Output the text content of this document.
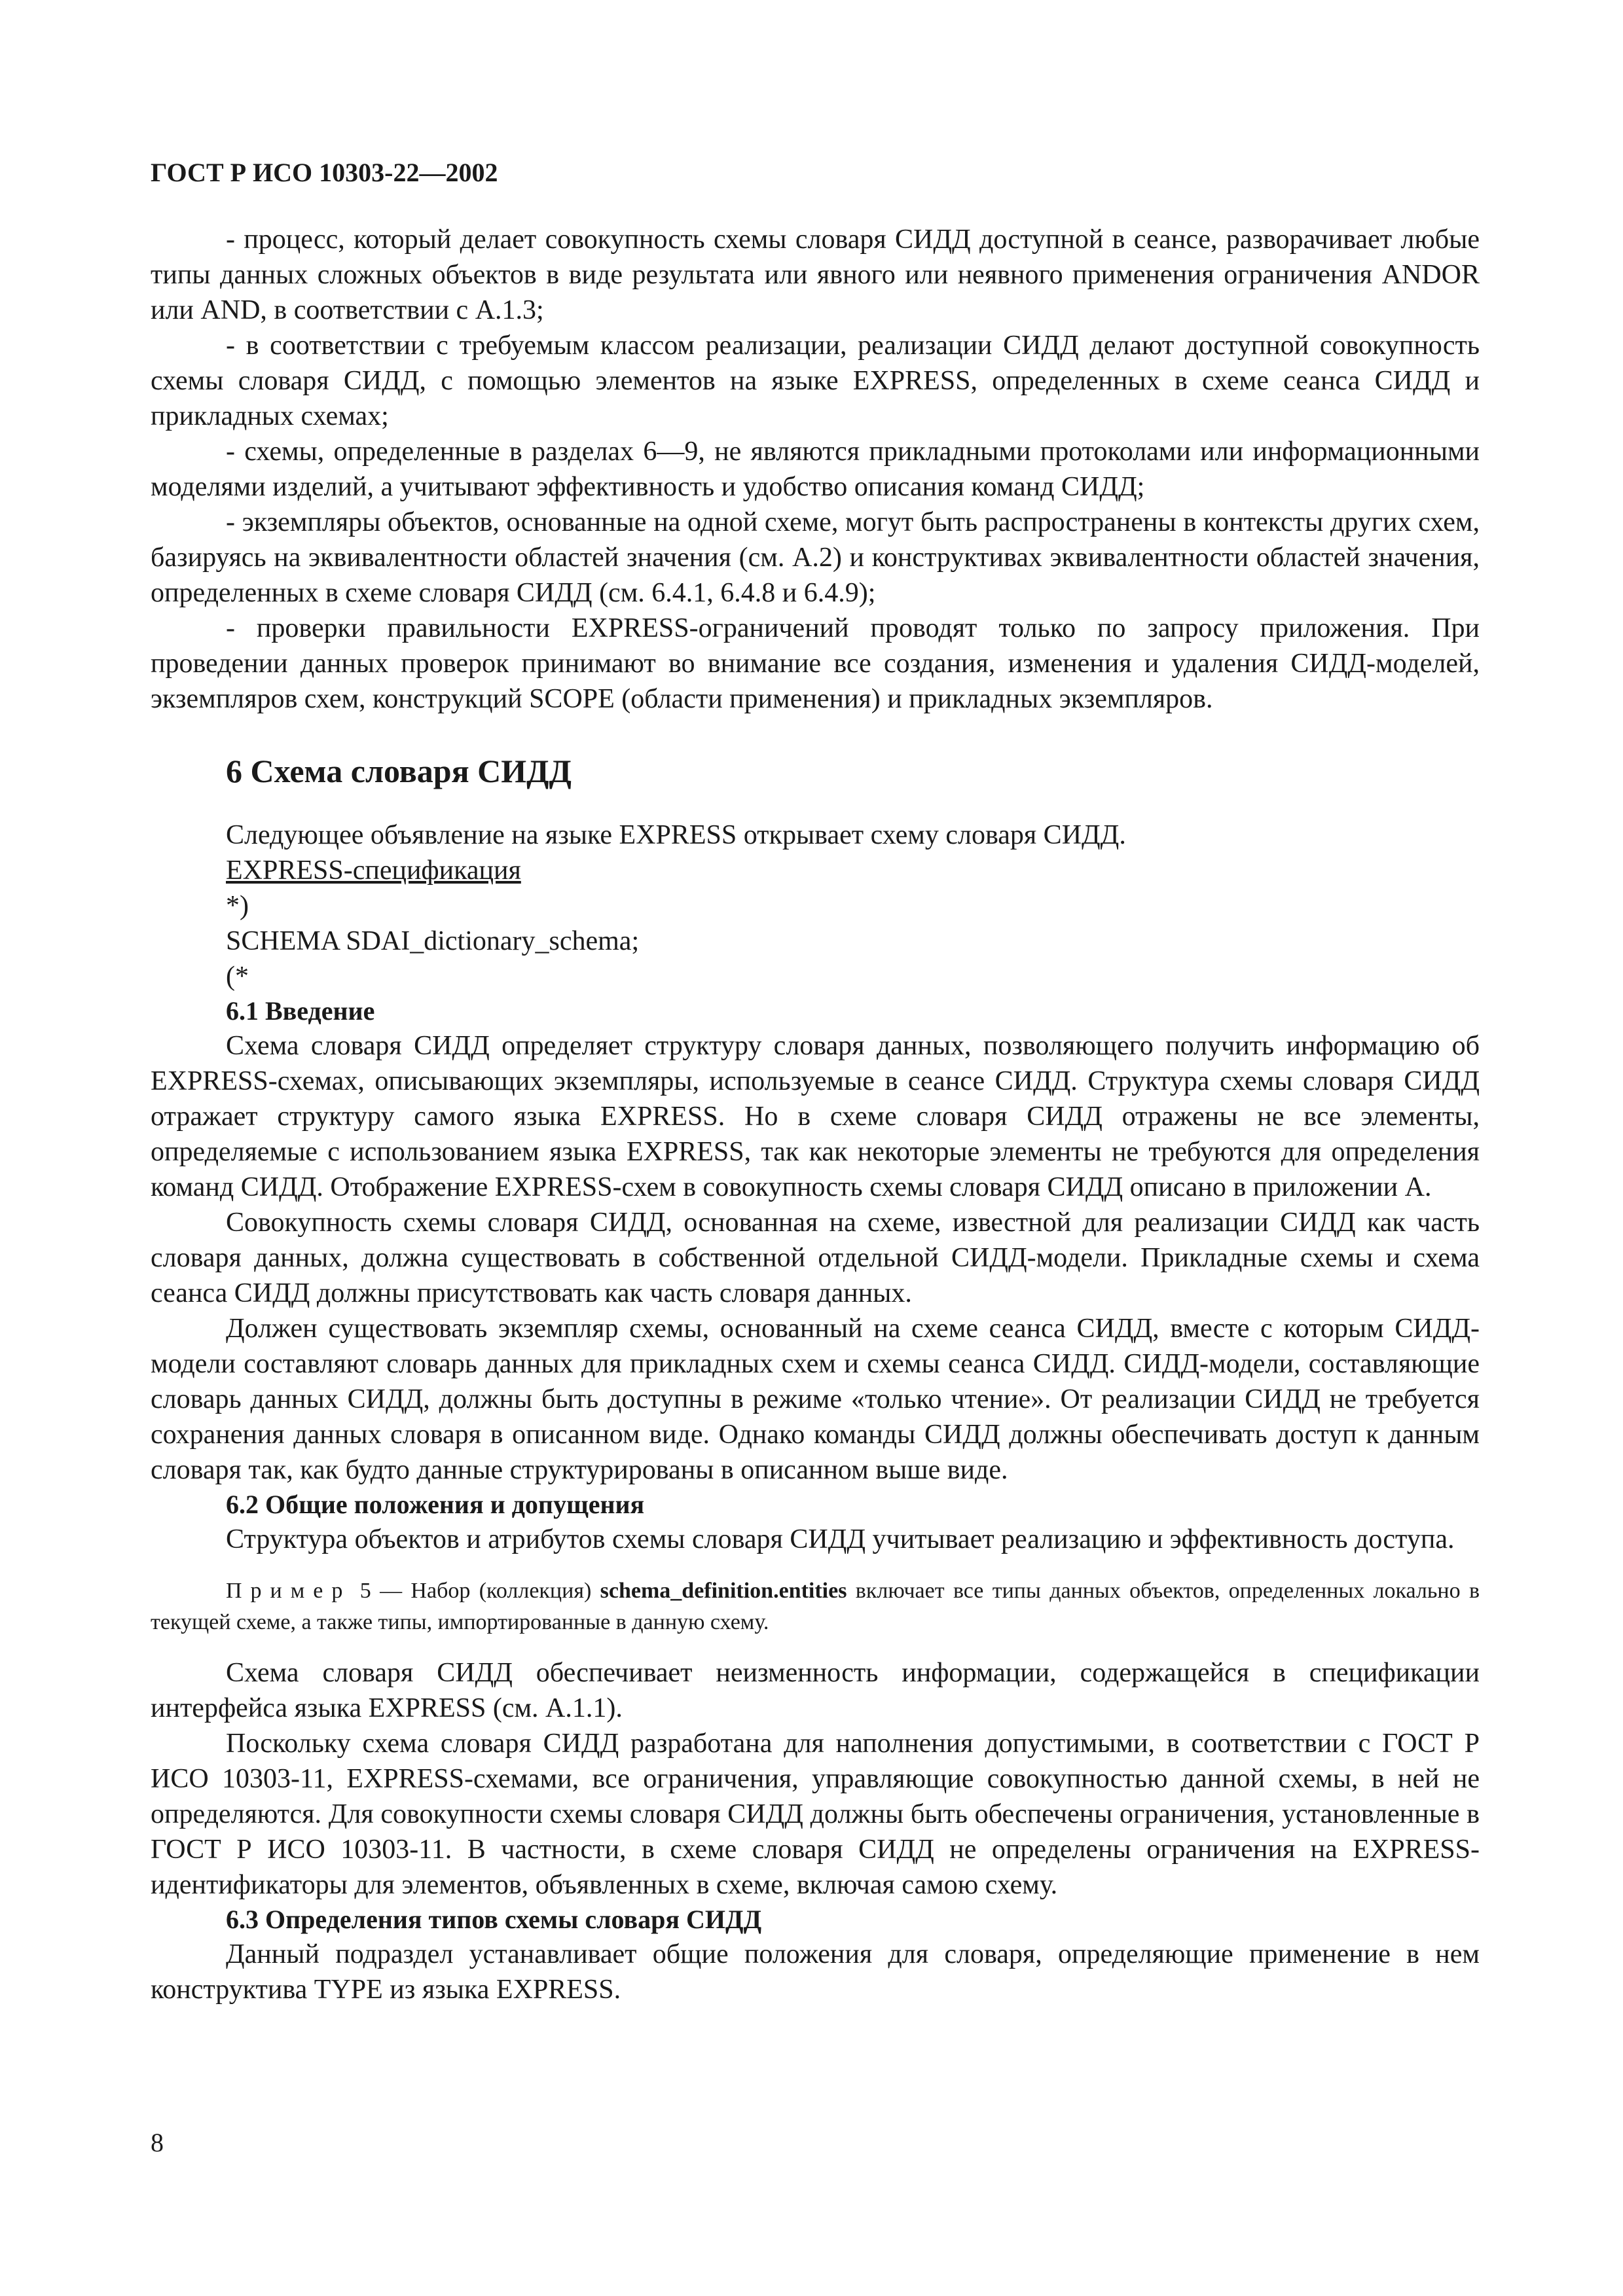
ГОСТ Р ИСО 10303-22—2002

- процесс, который делает совокупность схемы словаря СИДД доступной в сеансе, разворачивает любые типы данных сложных объектов в виде результата или явного или неявного применения ограничения ANDOR или AND, в соответствии с А.1.3;

- в соответствии с требуемым классом реализации, реализации СИДД делают доступной совокупность схемы словаря СИДД, с помощью элементов на языке EXPRESS, определенных в схеме сеанса СИДД и прикладных схемах;

- схемы, определенные в разделах 6—9, не являются прикладными протоколами или информационными моделями изделий, а учитывают эффективность и удобство описания команд СИДД;

- экземпляры объектов, основанные на одной схеме, могут быть распространены в контексты других схем, базируясь на эквивалентности областей значения (см. А.2) и конструктивах эквивалентности областей значения, определенных в схеме словаря СИДД (см. 6.4.1, 6.4.8 и 6.4.9);

- проверки правильности EXPRESS-ограничений проводят только по запросу приложения. При проведении данных проверок принимают во внимание все создания, изменения и удаления СИДД-моделей, экземпляров схем, конструкций SCOPE (области применения) и прикладных экземпляров.

6 Схема словаря СИДД

Следующее объявление на языке EXPRESS открывает схему словаря СИДД.

EXPRESS-спецификация

*)

SCHEMA SDAI_dictionary_schema;

(*

6.1 Введение

Схема словаря СИДД определяет структуру словаря данных, позволяющего получить информацию об EXPRESS-схемах, описывающих экземпляры, используемые в сеансе СИДД. Структура схемы словаря СИДД отражает структуру самого языка EXPRESS. Но в схеме словаря СИДД отражены не все элементы, определяемые с использованием языка EXPRESS, так как некоторые элементы не требуются для определения команд СИДД. Отображение EXPRESS-схем в совокупность схемы словаря СИДД описано в приложении А.

Совокупность схемы словаря СИДД, основанная на схеме, известной для реализации СИДД как часть словаря данных, должна существовать в собственной отдельной СИДД-модели. Прикладные схемы и схема сеанса СИДД должны присутствовать как часть словаря данных.

Должен существовать экземпляр схемы, основанный на схеме сеанса СИДД, вместе с которым СИДД-модели составляют словарь данных для прикладных схем и схемы сеанса СИДД. СИДД-модели, составляющие словарь данных СИДД, должны быть доступны в режиме «только чтение». От реализации СИДД не требуется сохранения данных словаря в описанном виде. Однако команды СИДД должны обеспечивать доступ к данным словаря так, как будто данные структурированы в описанном выше виде.

6.2 Общие положения и допущения

Структура объектов и атрибутов схемы словаря СИДД учитывает реализацию и эффективность доступа.

Пример 5 — Набор (коллекция) schema_definition.entities включает все типы данных объектов, определенных локально в текущей схеме, а также типы, импортированные в данную схему.

Схема словаря СИДД обеспечивает неизменность информации, содержащейся в спецификации интерфейса языка EXPRESS (см. А.1.1).

Поскольку схема словаря СИДД разработана для наполнения допустимыми, в соответствии с ГОСТ Р ИСО 10303-11, EXPRESS-схемами, все ограничения, управляющие совокупностью данной схемы, в ней не определяются. Для совокупности схемы словаря СИДД должны быть обеспечены ограничения, установленные в ГОСТ Р ИСО 10303-11. В частности, в схеме словаря СИДД не определены ограничения на EXPRESS-идентификаторы для элементов, объявленных в схеме, включая самою схему.

6.3 Определения типов схемы словаря СИДД

Данный подраздел устанавливает общие положения для словаря, определяющие применение в нем конструктива TYPE из языка EXPRESS.

8
